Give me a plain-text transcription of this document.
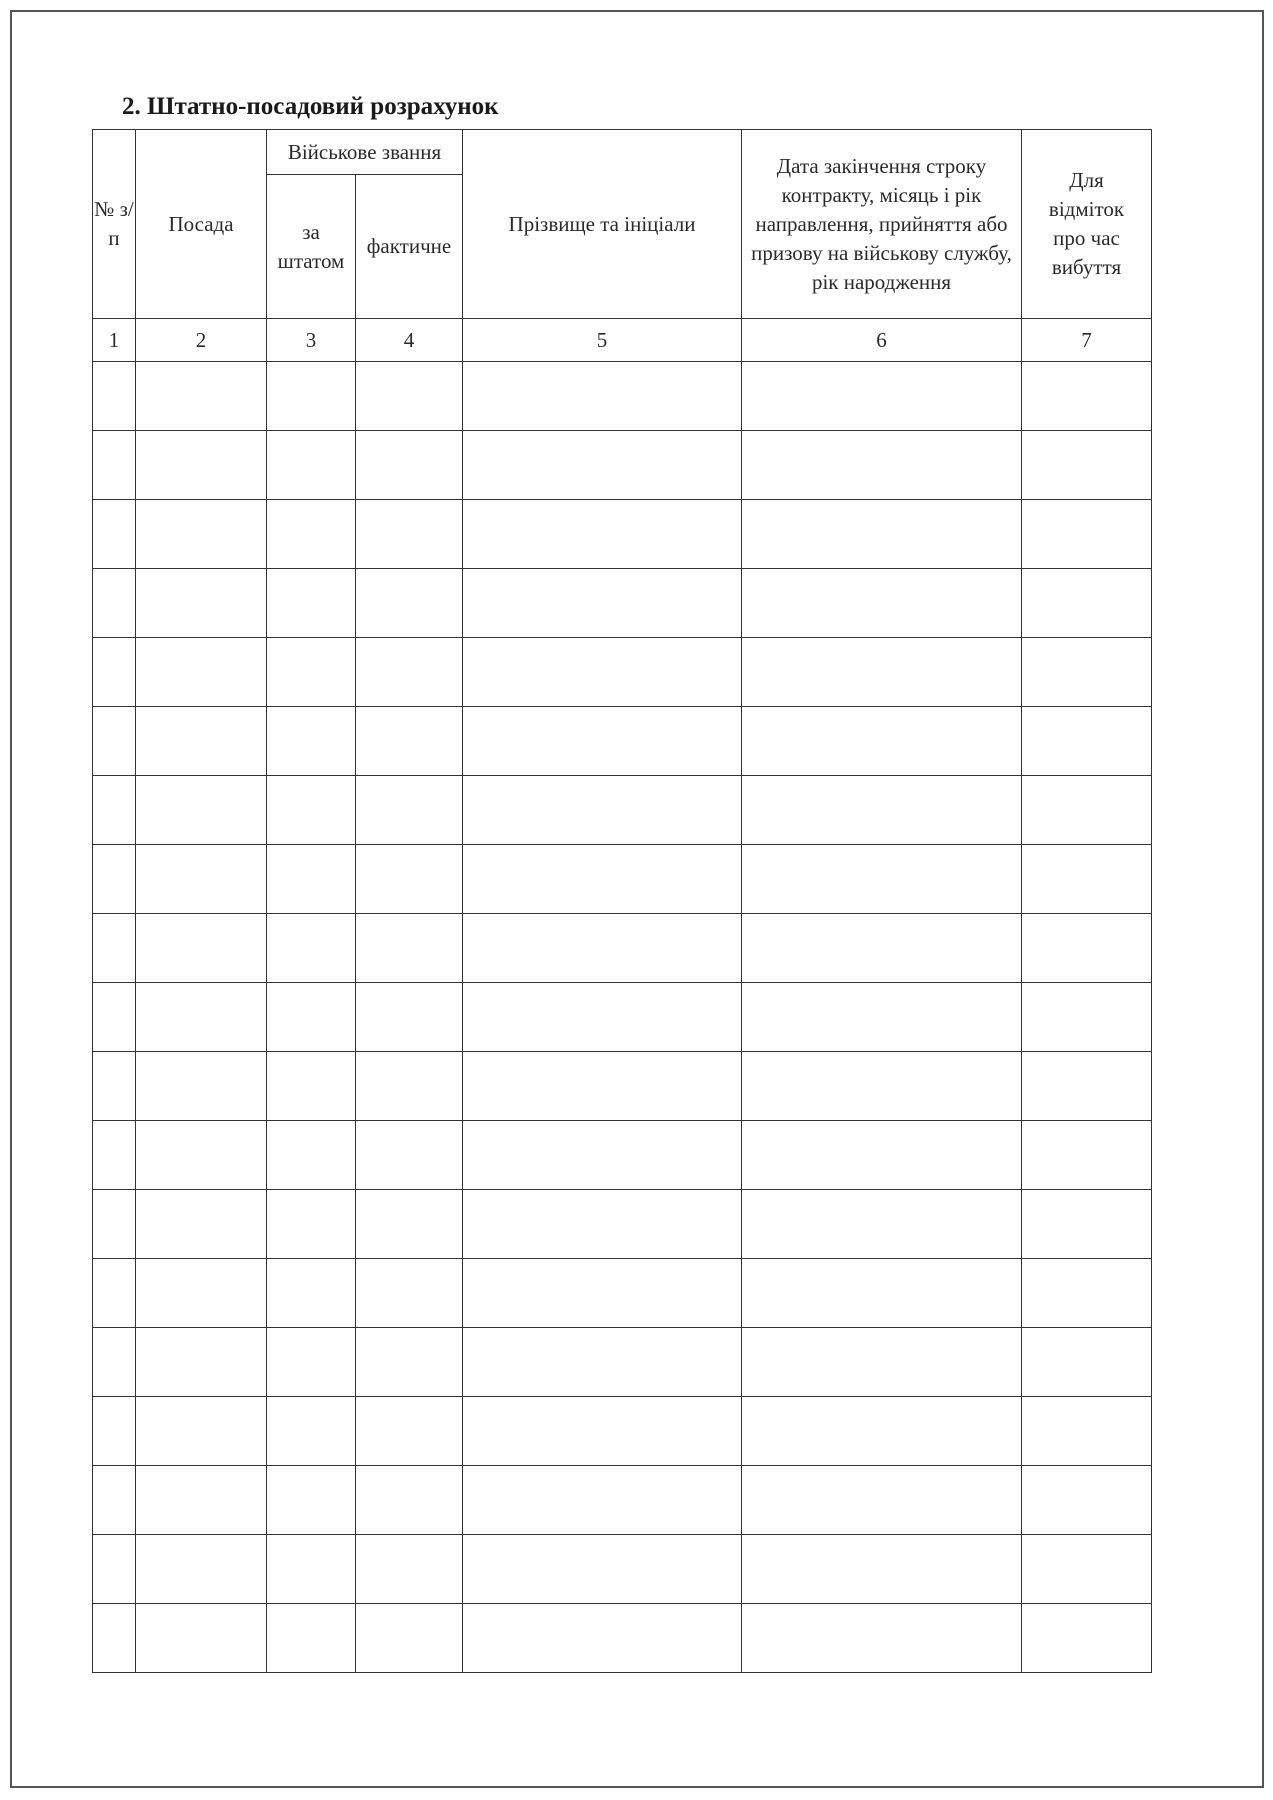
2. Штатно-посадовий розрахунок
№ з/п	Посада	Військове звання		Прізвище та ініціали	Дата закінчення строку контракту, місяць і рік направлення, прийняття або призову на військову службу, рік народження	Для відміток про час вибуття
		за штатом	фактичне			
1	2	3	4	5	6	7
